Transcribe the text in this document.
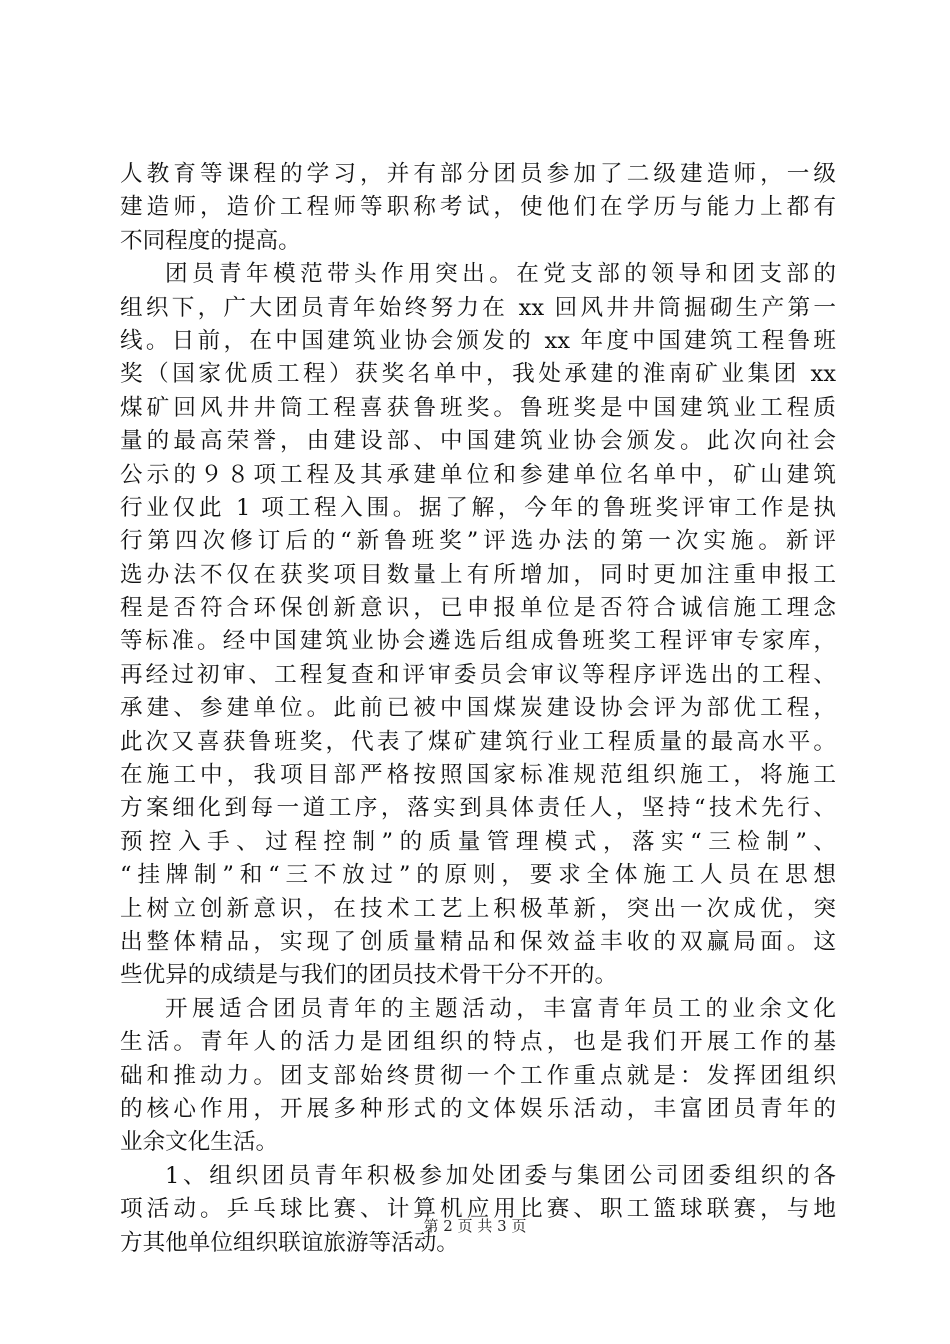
人教育等课程的学习，并有部分团员参加了二级建造师，一级
建造师，造价工程师等职称考试，使他们在学历与能力上都有
不同程度的提高。
团员青年模范带头作用突出。在党支部的领导和团支部的
组织下，广大团员青年始终努力在 xx 回风井井筒掘砌生产第一
线。日前，在中国建筑业协会颁发的 xx 年度中国建筑工程鲁班
奖（国家优质工程）获奖名单中，我处承建的淮南矿业集团 xx
煤矿回风井井筒工程喜获鲁班奖。鲁班奖是中国建筑业工程质
量的最高荣誉，由建设部、中国建筑业协会颁发。此次向社会
公示的９８项工程及其承建单位和参建单位名单中，矿山建筑
行业仅此 1 项工程入围。据了解，今年的鲁班奖评审工作是执
行第四次修订后的“新鲁班奖”评选办法的第一次实施。新评
选办法不仅在获奖项目数量上有所增加，同时更加注重申报工
程是否符合环保创新意识，已申报单位是否符合诚信施工理念
等标准。经中国建筑业协会遴选后组成鲁班奖工程评审专家库，
再经过初审、工程复查和评审委员会审议等程序评选出的工程、
承建、参建单位。此前已被中国煤炭建设协会评为部优工程，
此次又喜获鲁班奖，代表了煤矿建筑行业工程质量的最高水平。
在施工中，我项目部严格按照国家标准规范组织施工，将施工
方案细化到每一道工序，落实到具体责任人，坚持“技术先行、
预控入手、过程控制”的质量管理模式，落实“三检制”、
“挂牌制”和“三不放过”的原则，要求全体施工人员在思想
上树立创新意识，在技术工艺上积极革新，突出一次成优，突
出整体精品，实现了创质量精品和保效益丰收的双赢局面。这
些优异的成绩是与我们的团员技术骨干分不开的。
开展适合团员青年的主题活动，丰富青年员工的业余文化
生活。青年人的活力是团组织的特点，也是我们开展工作的基
础和推动力。团支部始终贯彻一个工作重点就是：发挥团组织
的核心作用，开展多种形式的文体娱乐活动，丰富团员青年的
业余文化生活。
1、组织团员青年积极参加处团委与集团公司团委组织的各
项活动。乒乓球比赛、计算机应用比赛、职工篮球联赛，与地
方其他单位组织联谊旅游等活动。
第 2 页 共 3 页
